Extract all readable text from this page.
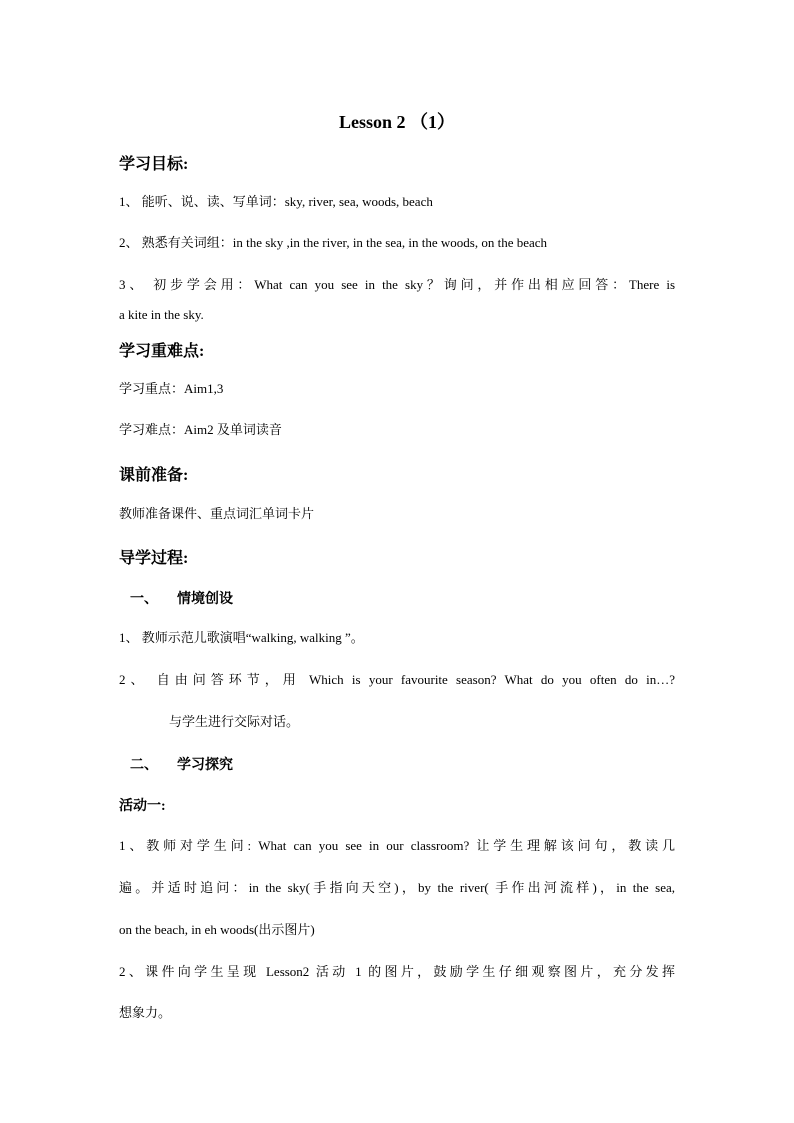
Lesson 2 （1）
学习目标:
1、 能听、说、读、写单词：sky, river, sea, woods, beach
2、 熟悉有关词组：in the sky ,in the river, in the sea, in the woods, on the beach
3、 初步学会用：What can you see in the sky？询问，并作出相应回答：There is
a kite in the sky.
学习重难点:
学习重点：Aim1,3
学习难点：Aim2 及单词读音
课前准备:
教师准备课件、重点词汇单词卡片
导学过程:
一、 情境创设
1、 教师示范儿歌演唱“walking, walking ”。
2、 自由问答环节，用 Which is your favourite season? What do you often do in…?
与学生进行交际对话。
二、 学习探究
活动一:
1、教师对学生问: What can you see in our classroom? 让学生理解该问句，教读几
遍。并适时追问：in the sky(手指向天空)，by the river( 手作出河流样)，in the sea,
on the beach, in eh woods(出示图片)
2、课件向学生呈现 Lesson2 活动 1 的图片，鼓励学生仔细观察图片，充分发挥
想象力。
